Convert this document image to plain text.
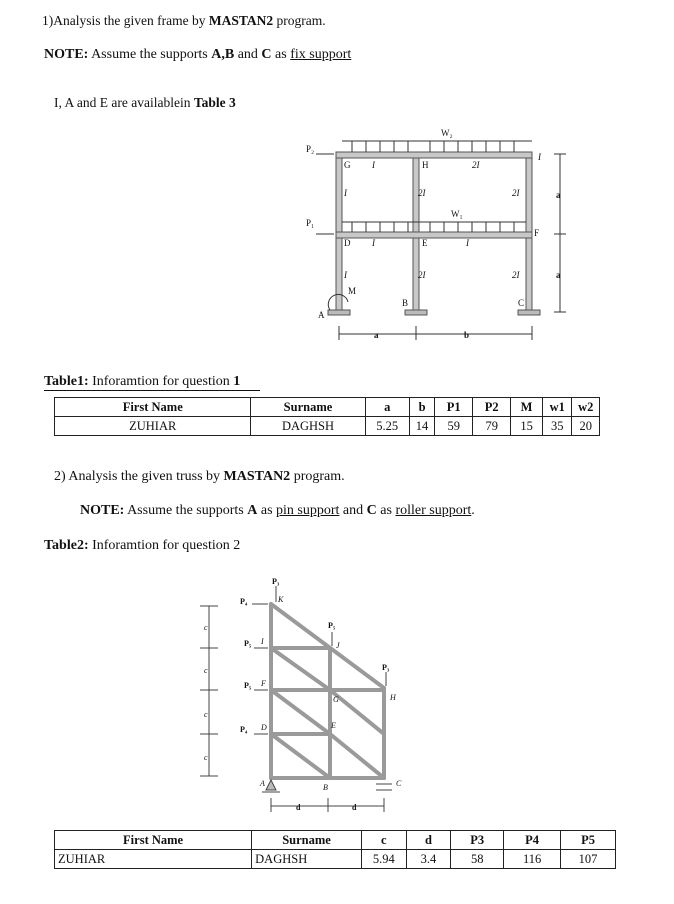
1)Analysis the given frame by MASTAN2 program.
NOTE: Assume the supports A,B and C as fix support
I, A and E are availablein Table 3
W₂
W₁
P₂
P₁
G	H
D	E
F
M
A
B	C
I
I	I
I
I
I
2I
2I
2I
2I
2I
a
a
a	b
Table1: Inforamtion for question 1
First Name	Surname	a	b	P1	P2	M	w1	w2
ZUHIAR	DAGHSH	5.25	14	59	79	15	35	20
2) Analysis the given truss by MASTAN2 program.
NOTE: Assume the supports A as pin support and C as roller support.
Table2: Inforamtion for question 2
P₃
P₄
P₅
P₅
P₄
P₅
P₃
K
J
I
H
G
F
E
D
B
A	C
c
c
c
c
d	d
First Name	Surname	c	d	P3	P4	P5
ZUHIAR	DAGHSH	5.94	3.4	58	116	107
